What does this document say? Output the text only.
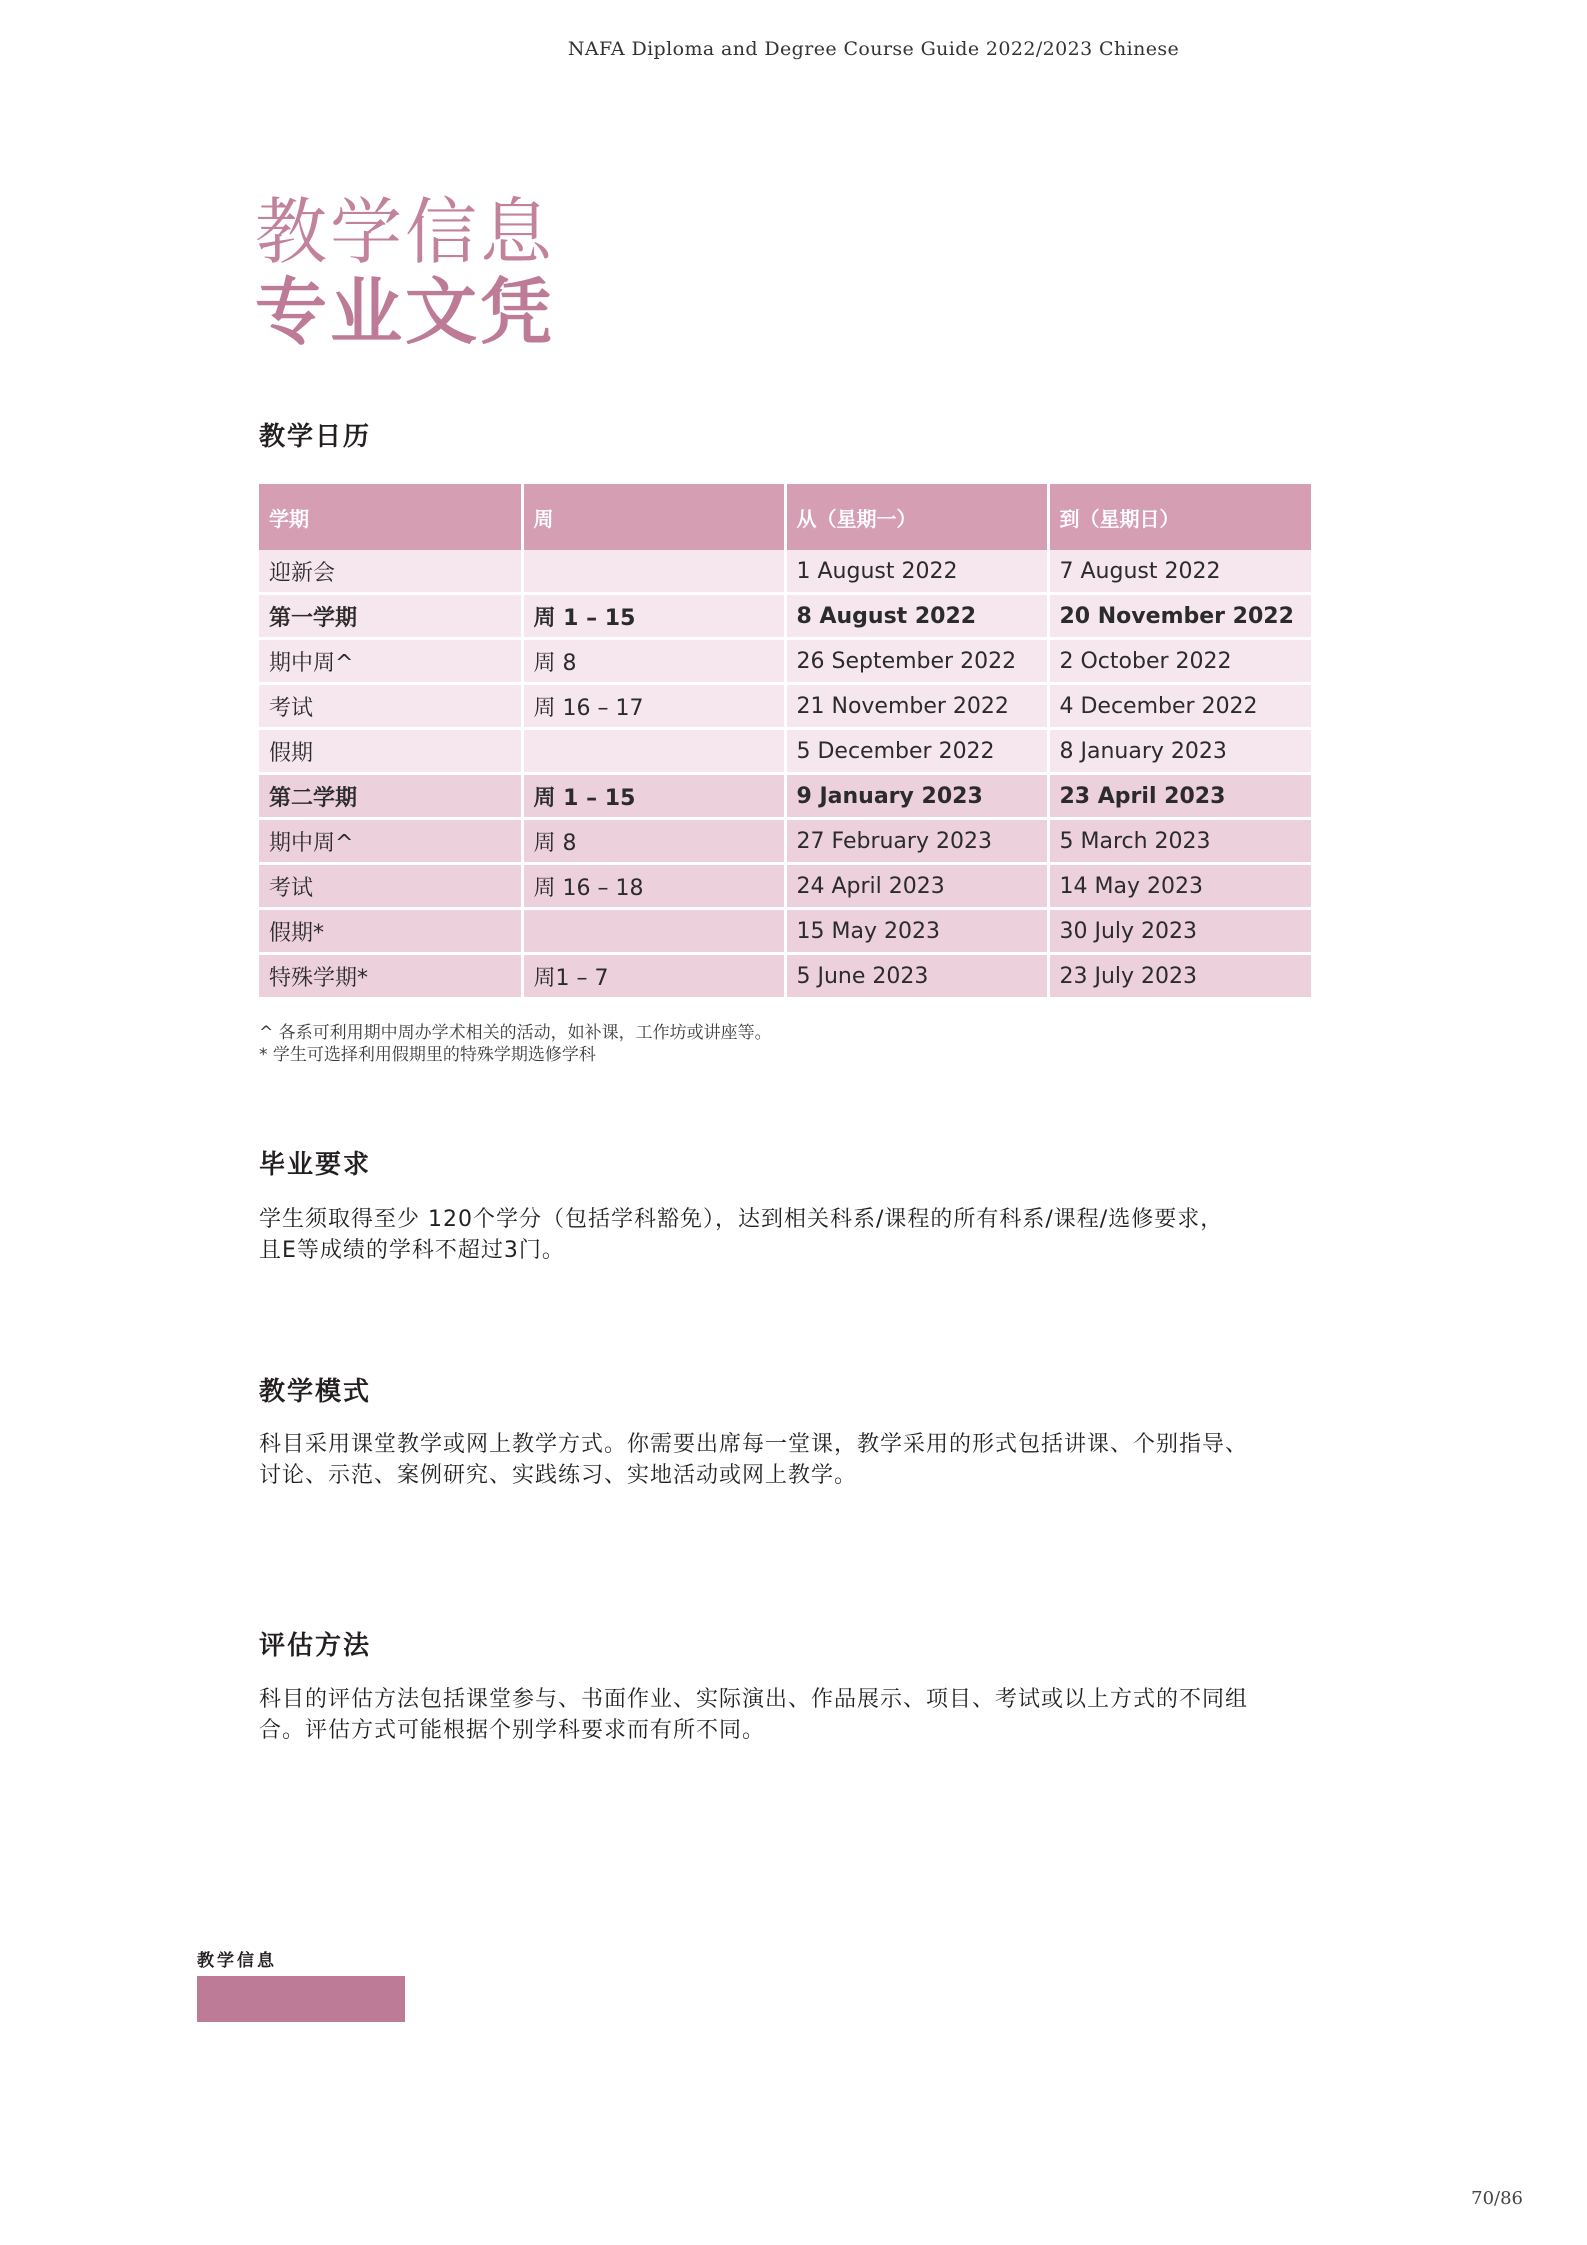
NAFA Diploma and Degree Course Guide 2022/2023 Chinese
教学信息
专业文凭
教学日历
学期	周	从（星期一）	到（星期日）
迎新会		1 August 2022	7 August 2022
第一学期	周 1 – 15	8 August 2022	20 November 2022
期中周^	周 8	26 September 2022	2 October 2022
考试	周 16 – 17	21 November 2022	4 December 2022
假期		5 December 2022	8 January 2023
第二学期	周 1 – 15	9 January 2023	23 April 2023
期中周^	周 8	27 February 2023	5 March 2023
考试	周 16 – 18	24 April 2023	14 May 2023
假期*		15 May 2023	30 July 2023
特殊学期*	周1 – 7	5 June 2023	23 July 2023
^ 各系可利用期中周办学术相关的活动，如补课，工作坊或讲座等。
* 学生可选择利用假期里的特殊学期选修学科
毕业要求
学生须取得至少 120个学分（包括学科豁免），达到相关科系/课程的所有科系/课程/选修要求，
且E等成绩的学科不超过3门。
教学模式
科目采用课堂教学或网上教学方式。你需要出席每一堂课，教学采用的形式包括讲课、个别指导、
讨论、示范、案例研究、实践练习、实地活动或网上教学。
评估方法
科目的评估方法包括课堂参与、书面作业、实际演出、作品展示、项目、考试或以上方式的不同组
合。评估方式可能根据个别学科要求而有所不同。
教学信息
70/86
